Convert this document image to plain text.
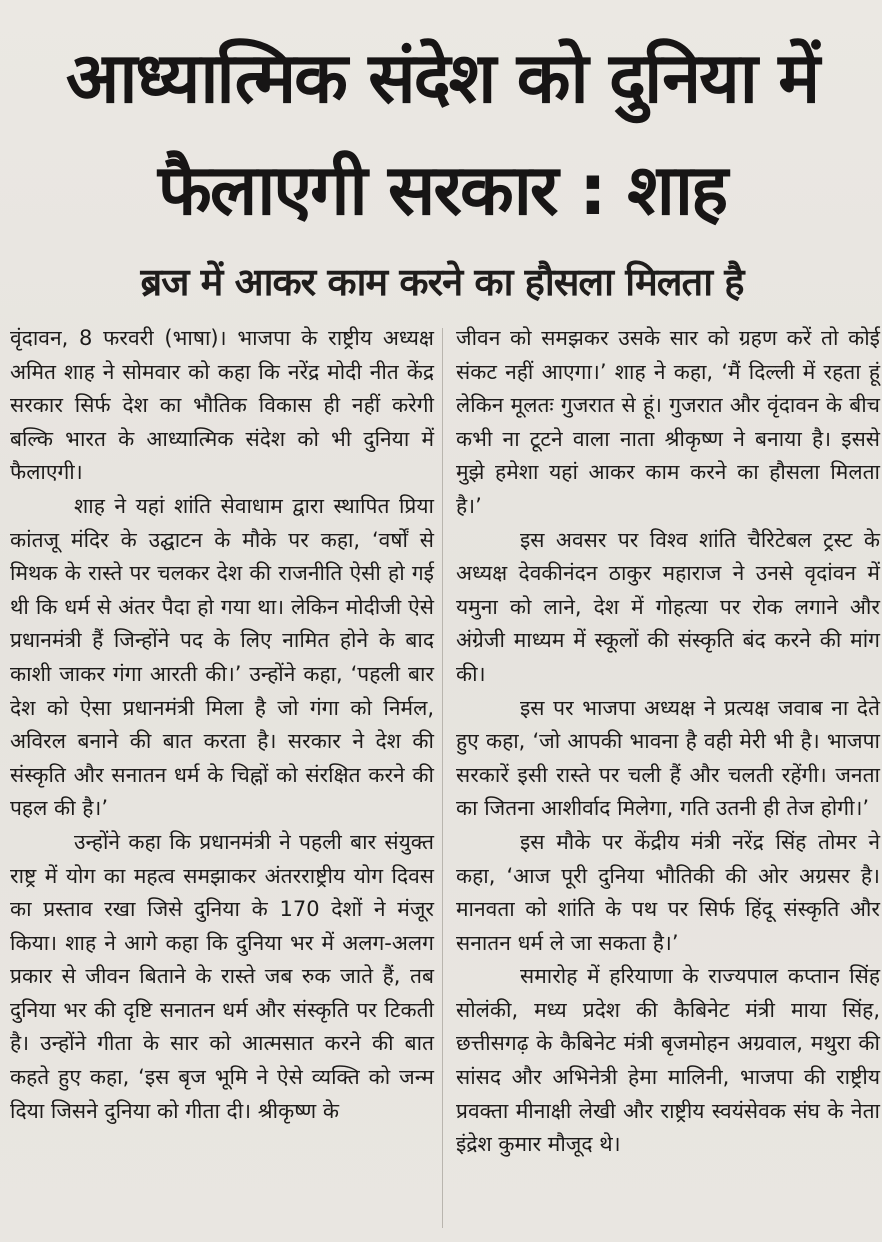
आध्यात्मिक संदेश को दुनिया में फैलाएगी सरकार : शाह
ब्रज में आकर काम करने का हौसला मिलता है

वृंदावन, 8 फरवरी (भाषा)। भाजपा के राष्ट्रीय अध्यक्ष अमित शाह ने सोमवार को कहा कि नरेंद्र मोदी नीत केंद्र सरकार सिर्फ देश का भौतिक विकास ही नहीं करेगी बल्कि भारत के आध्यात्मिक संदेश को भी दुनिया में फैलाएगी।

शाह ने यहां शांति सेवाधाम द्वारा स्थापित प्रिया कांतजू मंदिर के उद्घाटन के मौके पर कहा, ‘वर्षों से मिथक के रास्ते पर चलकर देश की राजनीति ऐसी हो गई थी कि धर्म से अंतर पैदा हो गया था। लेकिन मोदीजी ऐसे प्रधानमंत्री हैं जिन्होंने पद के लिए नामित होने के बाद काशी जाकर गंगा आरती की।’ उन्होंने कहा, ‘पहली बार देश को ऐसा प्रधानमंत्री मिला है जो गंगा को निर्मल, अविरल बनाने की बात करता है। सरकार ने देश की संस्कृति और सनातन धर्म के चिह्नों को संरक्षित करने की पहल की है।’

उन्होंने कहा कि प्रधानमंत्री ने पहली बार संयुक्त राष्ट्र में योग का महत्व समझाकर अंतरराष्ट्रीय योग दिवस का प्रस्ताव रखा जिसे दुनिया के 170 देशों ने मंजूर किया। शाह ने आगे कहा कि दुनिया भर में अलग-अलग प्रकार से जीवन बिताने के रास्ते जब रुक जाते हैं, तब दुनिया भर की दृष्टि सनातन धर्म और संस्कृति पर टिकती है। उन्होंने गीता के सार को आत्मसात करने की बात कहते हुए कहा, ‘इस बृज भूमि ने ऐसे व्यक्ति को जन्म दिया जिसने दुनिया को गीता दी। श्रीकृष्ण के

जीवन को समझकर उसके सार को ग्रहण करें तो कोई संकट नहीं आएगा।’ शाह ने कहा, ‘मैं दिल्ली में रहता हूं लेकिन मूलतः गुजरात से हूं। गुजरात और वृंदावन के बीच कभी ना टूटने वाला नाता श्रीकृष्ण ने बनाया है। इससे मुझे हमेशा यहां आकर काम करने का हौसला मिलता है।’

इस अवसर पर विश्व शांति चैरिटेबल ट्रस्ट के अध्यक्ष देवकीनंदन ठाकुर महाराज ने उनसे वृदांवन में यमुना को लाने, देश में गोहत्या पर रोक लगाने और अंग्रेजी माध्यम में स्कूलों की संस्कृति बंद करने की मांग की।

इस पर भाजपा अध्यक्ष ने प्रत्यक्ष जवाब ना देते हुए कहा, ‘जो आपकी भावना है वही मेरी भी है। भाजपा सरकारें इसी रास्ते पर चली हैं और चलती रहेंगी। जनता का जितना आशीर्वाद मिलेगा, गति उतनी ही तेज होगी।’

इस मौके पर केंद्रीय मंत्री नरेंद्र सिंह तोमर ने कहा, ‘आज पूरी दुनिया भौतिकी की ओर अग्रसर है। मानवता को शांति के पथ पर सिर्फ हिंदू संस्कृति और सनातन धर्म ले जा सकता है।’

समारोह में हरियाणा के राज्यपाल कप्तान सिंह सोलंकी, मध्य प्रदेश की कैबिनेट मंत्री माया सिंह, छत्तीसगढ़ के कैबिनेट मंत्री बृजमोहन अग्रवाल, मथुरा की सांसद और अभिनेत्री हेमा मालिनी, भाजपा की राष्ट्रीय प्रवक्ता मीनाक्षी लेखी और राष्ट्रीय स्वयंसेवक संघ के नेता इंद्रेश कुमार मौजूद थे।
